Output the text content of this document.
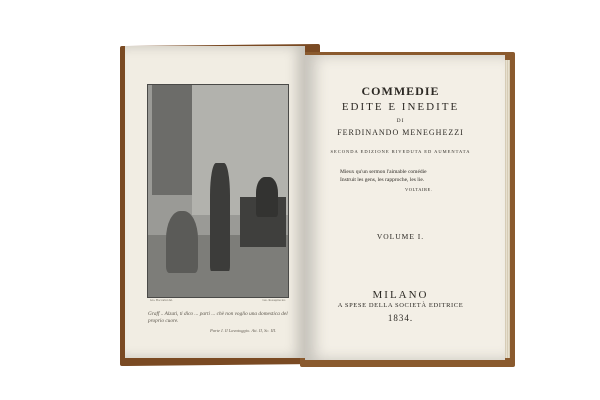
Gio. Boccarini del.	Gio. Rosaspina inc.
Graff .. Alzati, ti dico ... parti ... chè non voglio una domestica del proprio cuore.
Parte I. Il Lavatoggio. Att. II, Sc. III.
COMMEDIE
EDITE E INEDITE
DI
FERDINANDO MENEGHEZZI
SECONDA EDIZIONE RIVEDUTA ED AUMENTATA
Mieux qu'un sermon l'aimable comédie
Instruit les gens, les rapproche, les lie.
VOLTAIRE.
VOLUME I.
MILANO
A SPESE DELLA SOCIETÀ EDITRICE
1834.
